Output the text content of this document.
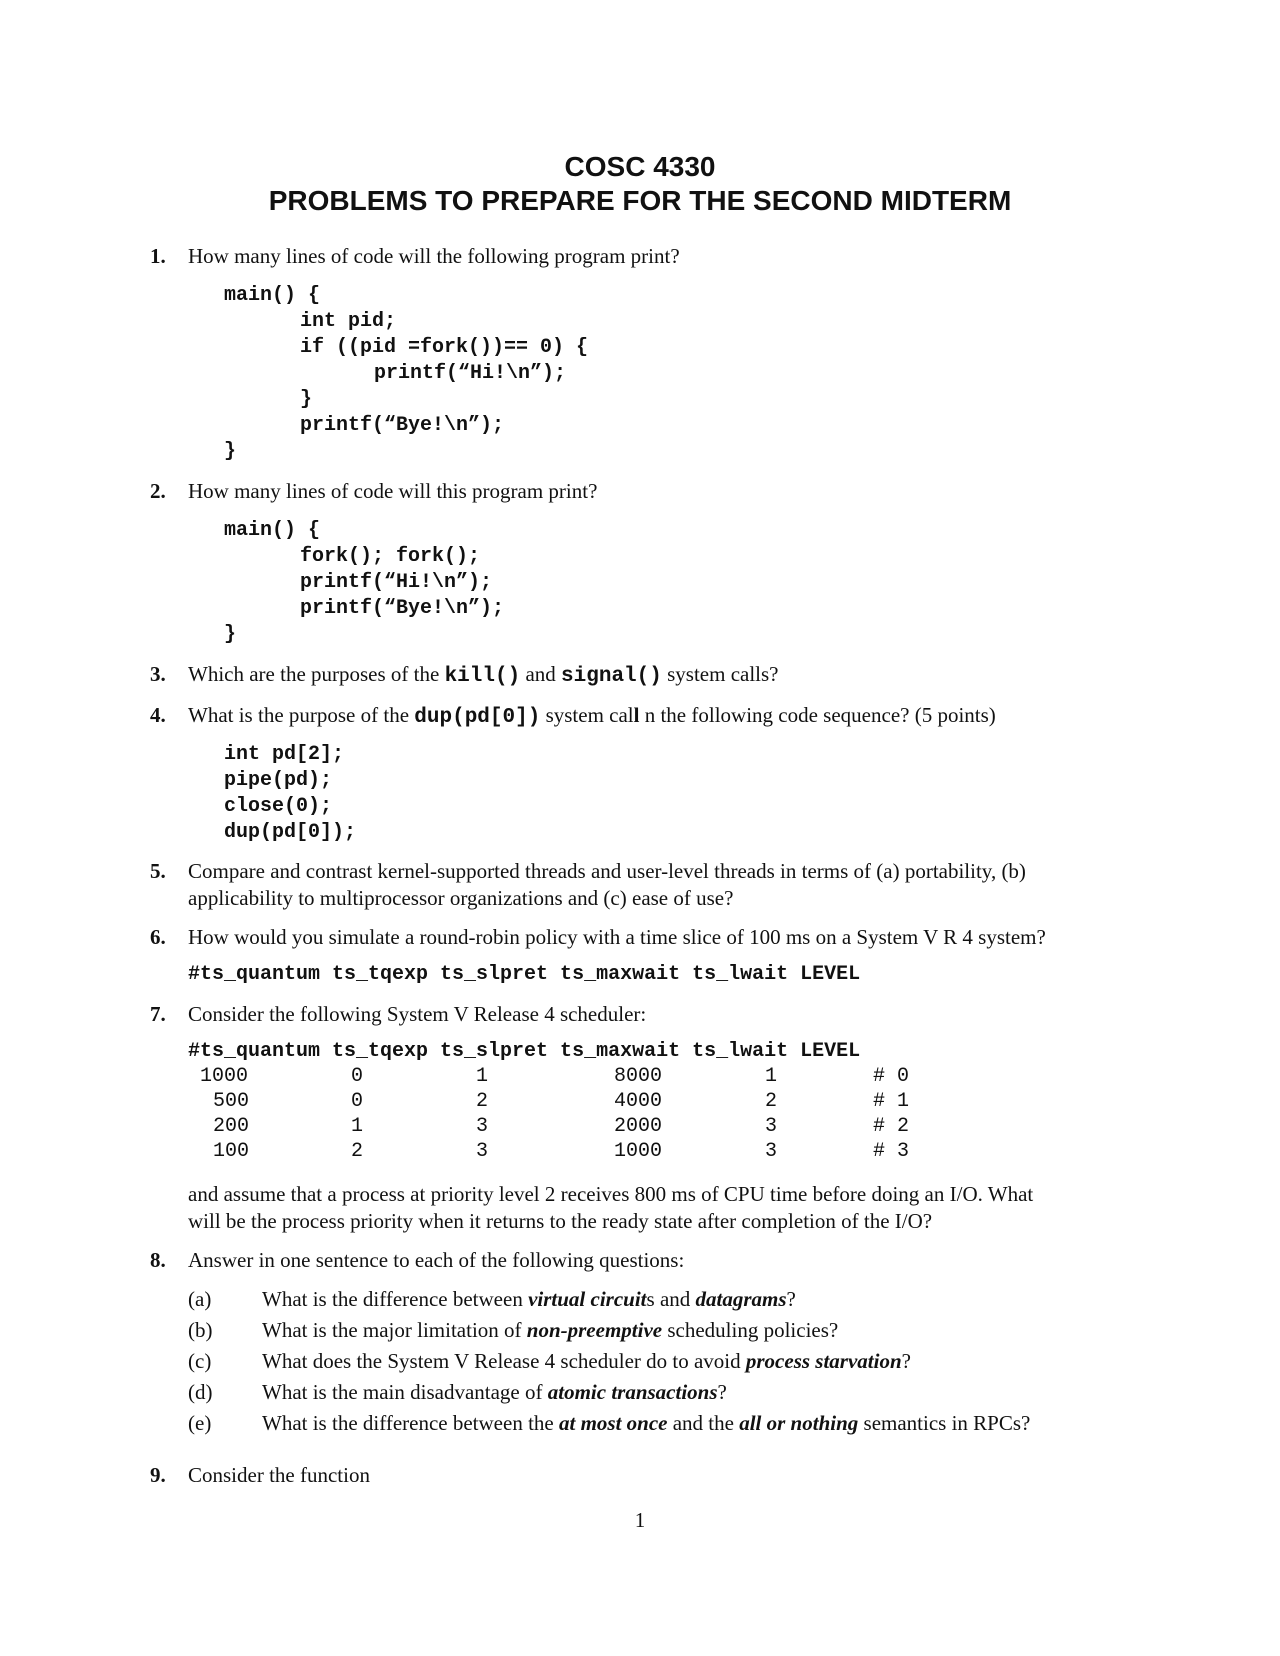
COSC 4330
PROBLEMS TO PREPARE FOR THE SECOND MIDTERM
1.	How many lines of code will the following program print?
main() {
int pid;
if ((pid =fork())== 0) {
printf(“Hi!\n”);
}
printf(“Bye!\n”);
}
2.	How many lines of code will this program print?
main() {
fork(); fork();
printf(“Hi!\n”);
printf(“Bye!\n”);
}
3.	Which are the purposes of the kill() and signal() system calls?
4.	What is the purpose of the dup(pd[0]) system call n the following code sequence? (5 points)
int pd[2];
pipe(pd);
close(0);
dup(pd[0]);
5.	Compare and contrast kernel-supported threads and user-level threads in terms of (a) portability, (b)
applicability to multiprocessor organizations and (c) ease of use?
6.	How would you simulate a round-robin policy with a time slice of 100 ms on a System V R 4 system?
#ts_quantum ts_tqexp ts_slpret ts_maxwait ts_lwait LEVEL
7.	Consider the following System V Release 4 scheduler:
#ts_quantum ts_tqexp ts_slpret ts_maxwait ts_lwait LEVEL
1000	0	1	8000	1	# 0
500	0	2	4000	2	# 1
200	1	3	2000	3	# 2
100	2	3	1000	3	# 3
and assume that a process at priority level 2 receives 800 ms of CPU time before doing an I/O. What
will be the process priority when it returns to the ready state after completion of the I/O?
8.	Answer in one sentence to each of the following questions:
(a) What is the difference between virtual circuits and datagrams?
(b) What is the major limitation of non-preemptive scheduling policies?
(c) What does the System V Release 4 scheduler do to avoid process starvation?
(d) What is the main disadvantage of atomic transactions?
(e) What is the difference between the at most once and the all or nothing semantics in RPCs?
9.	Consider the function
1
